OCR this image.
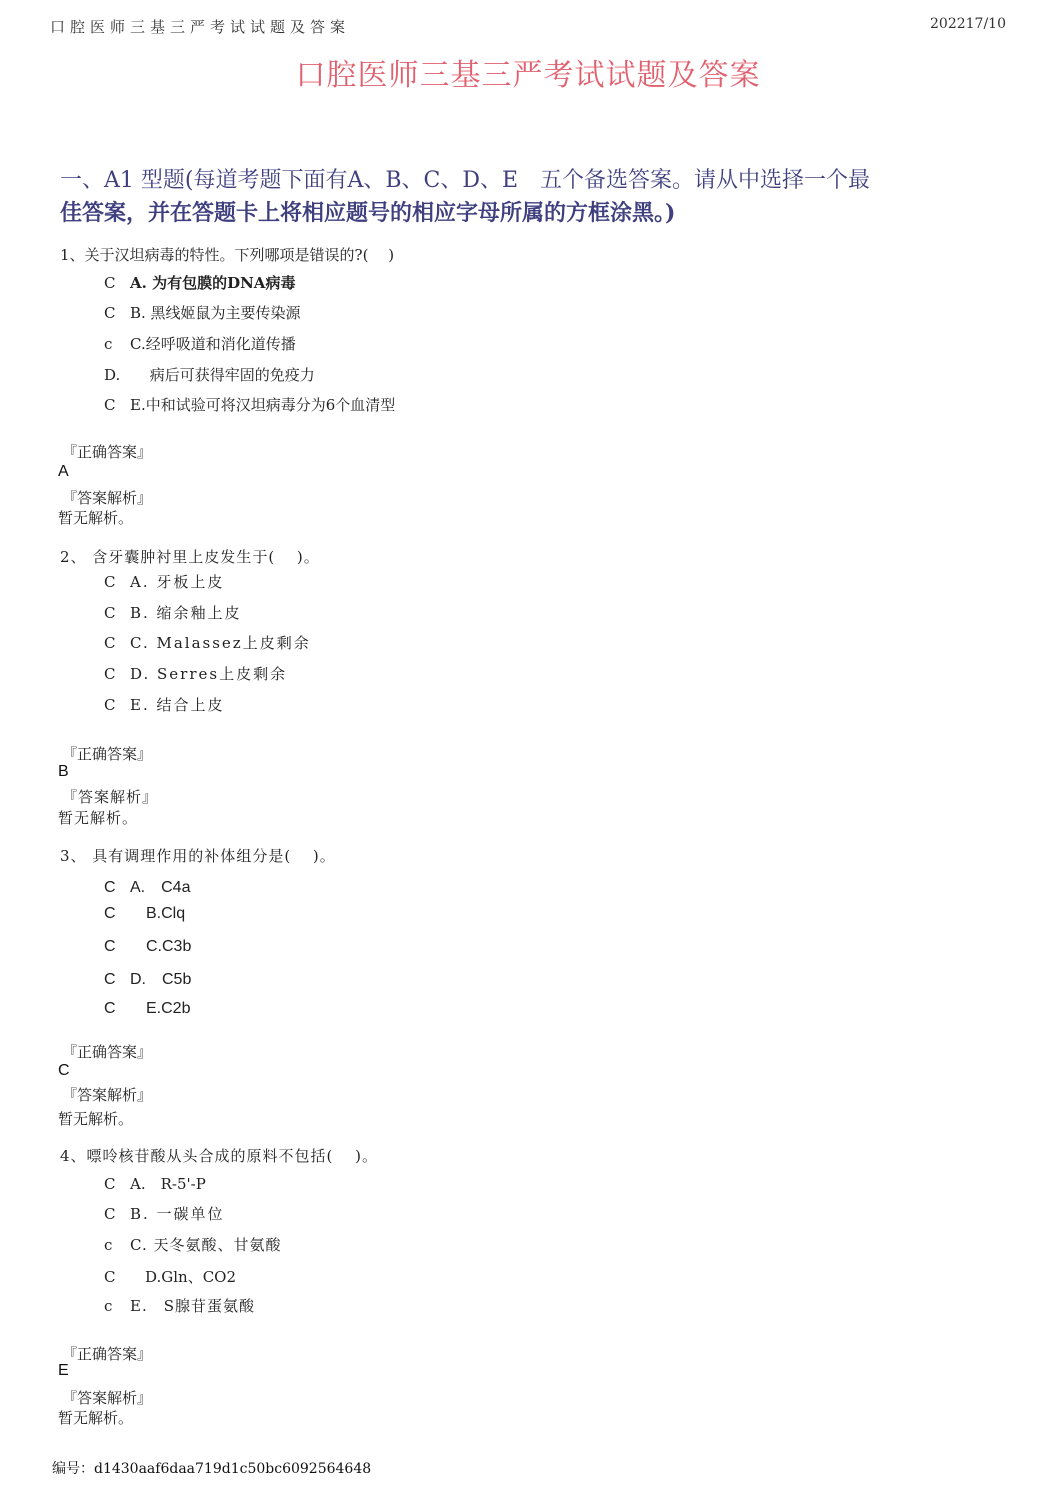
口腔医师三基三严考试试题及答案	202217/10
口腔医师三基三严考试试题及答案
一、A1 型题(每道考题下面有A、B、C、D、E　五个备选答案。请从中选择一个最
佳答案，并在答题卡上将相应题号的相应字母所属的方框涂黑。)
1、关于汉坦病毒的特性。下列哪项是错误的?(　 )
C A. 为有包膜的DNA病毒
C B. 黑线姬鼠为主要传染源
c C.经呼吸道和消化道传播
D.　 病后可获得牢固的免疫力
C E.中和试验可将汉坦病毒分为6个血清型
『正确答案』
A
『答案解析』
暂无解析。
2、 含牙囊肿衬里上皮发生于(　 )。
C A. 牙板上皮
C B. 缩余釉上皮
C C. Malassez上皮剩余
C D. Serres上皮剩余
C E. 结合上皮
『正确答案』
B
『答案解析』
暂无解析。
3、 具有调理作用的补体组分是(　 )。
C A.　C4a
C　B.Clq
C　C.C3b
C D.　C5b
C　E.C2b
『正确答案』
C
『答案解析』
暂无解析。
4、嘌呤核苷酸从头合成的原料不包括(　 )。
C A.　R-5'-P
C B. 一碳单位
c C. 天冬氨酸、甘氨酸
C　D.Gln、CO2
c E.　S腺苷蛋氨酸
『正确答案』
E
『答案解析』
暂无解析。
编号：d1430aaf6daa719d1c50bc6092564648
